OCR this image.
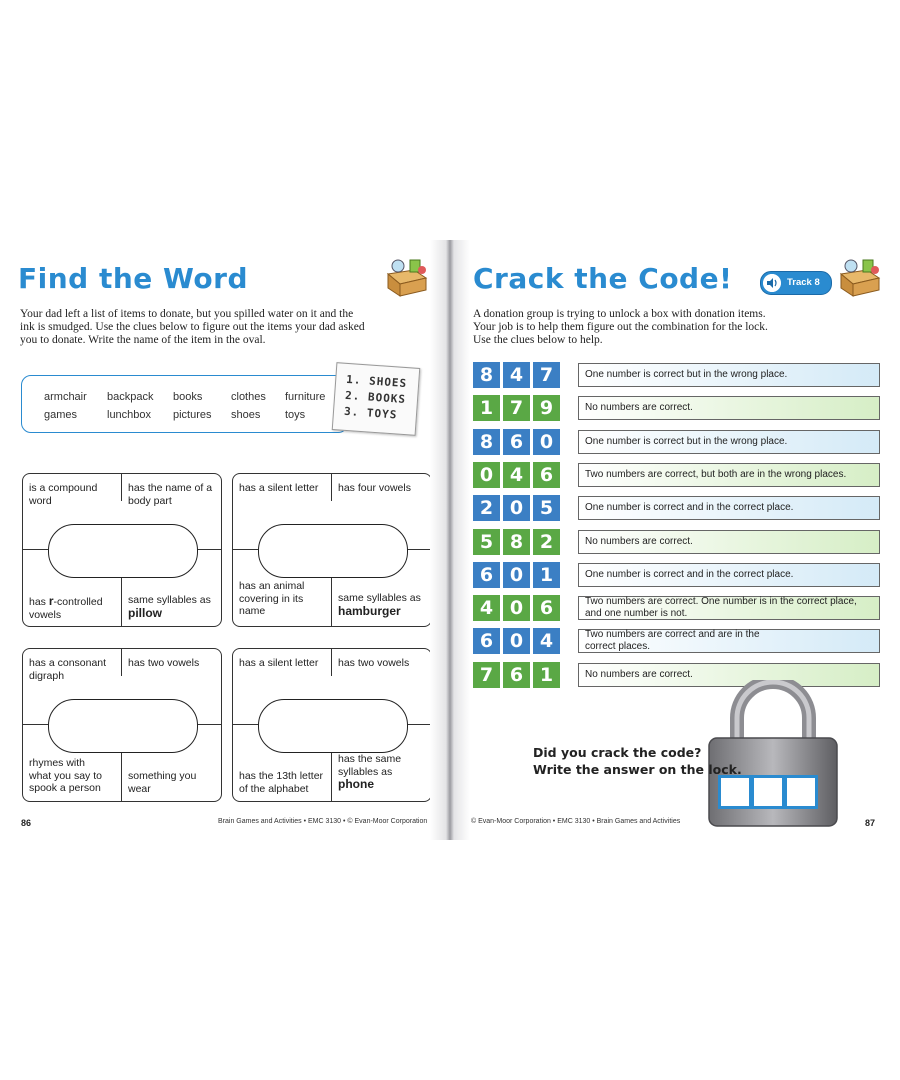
Find the Word
Your dad left a list of items to donate, but you spilled water on it and the
ink is smudged. Use the clues below to figure out the items your dad asked
you to donate. Write the name of the item in the oval.
armchair backpack books	clothes furniture
games	lunchbox pictures shoes toys
1. SHOES
2. BOOKS
3. TOYS
is a compound word
has the name of a body part
has r-controlled vowels
same syllables as
pillow
has a silent letter	has four vowels
has an animal covering in its name
same syllables as
hamburger
has a consonant digraph
has two vowels
rhymes with what you say to spook a person
something you wear
has a silent letter	has two vowels
has the 13th letter of the alphabet
has the same syllables as
phone
86	Brain Games and Activities • EMC 3130 • © Evan-Moor Corporation
Crack the Code!	Track 8
A donation group is trying to unlock a box with donation items.
Your job is to help them figure out the combination for the lock.
Use the clues below to help.
8 4 7	One number is correct but in the wrong place.
1 7 9	No numbers are correct.
8 6 0	One number is correct but in the wrong place.
0 4 6	Two numbers are correct, but both are in the wrong places.
2 0 5	One number is correct and in the correct place.
5 8 2	No numbers are correct.
6 0 1	One number is correct and in the correct place.
4 0 6	Two numbers are correct. One number is in the correct place,
and one number is not.
6 0 4	Two numbers are correct and are in the
correct places.
7 6 1	No numbers are correct.
Did you crack the code?
Write the answer on the lock.
© Evan-Moor Corporation • EMC 3130 • Brain Games and Activities	87
